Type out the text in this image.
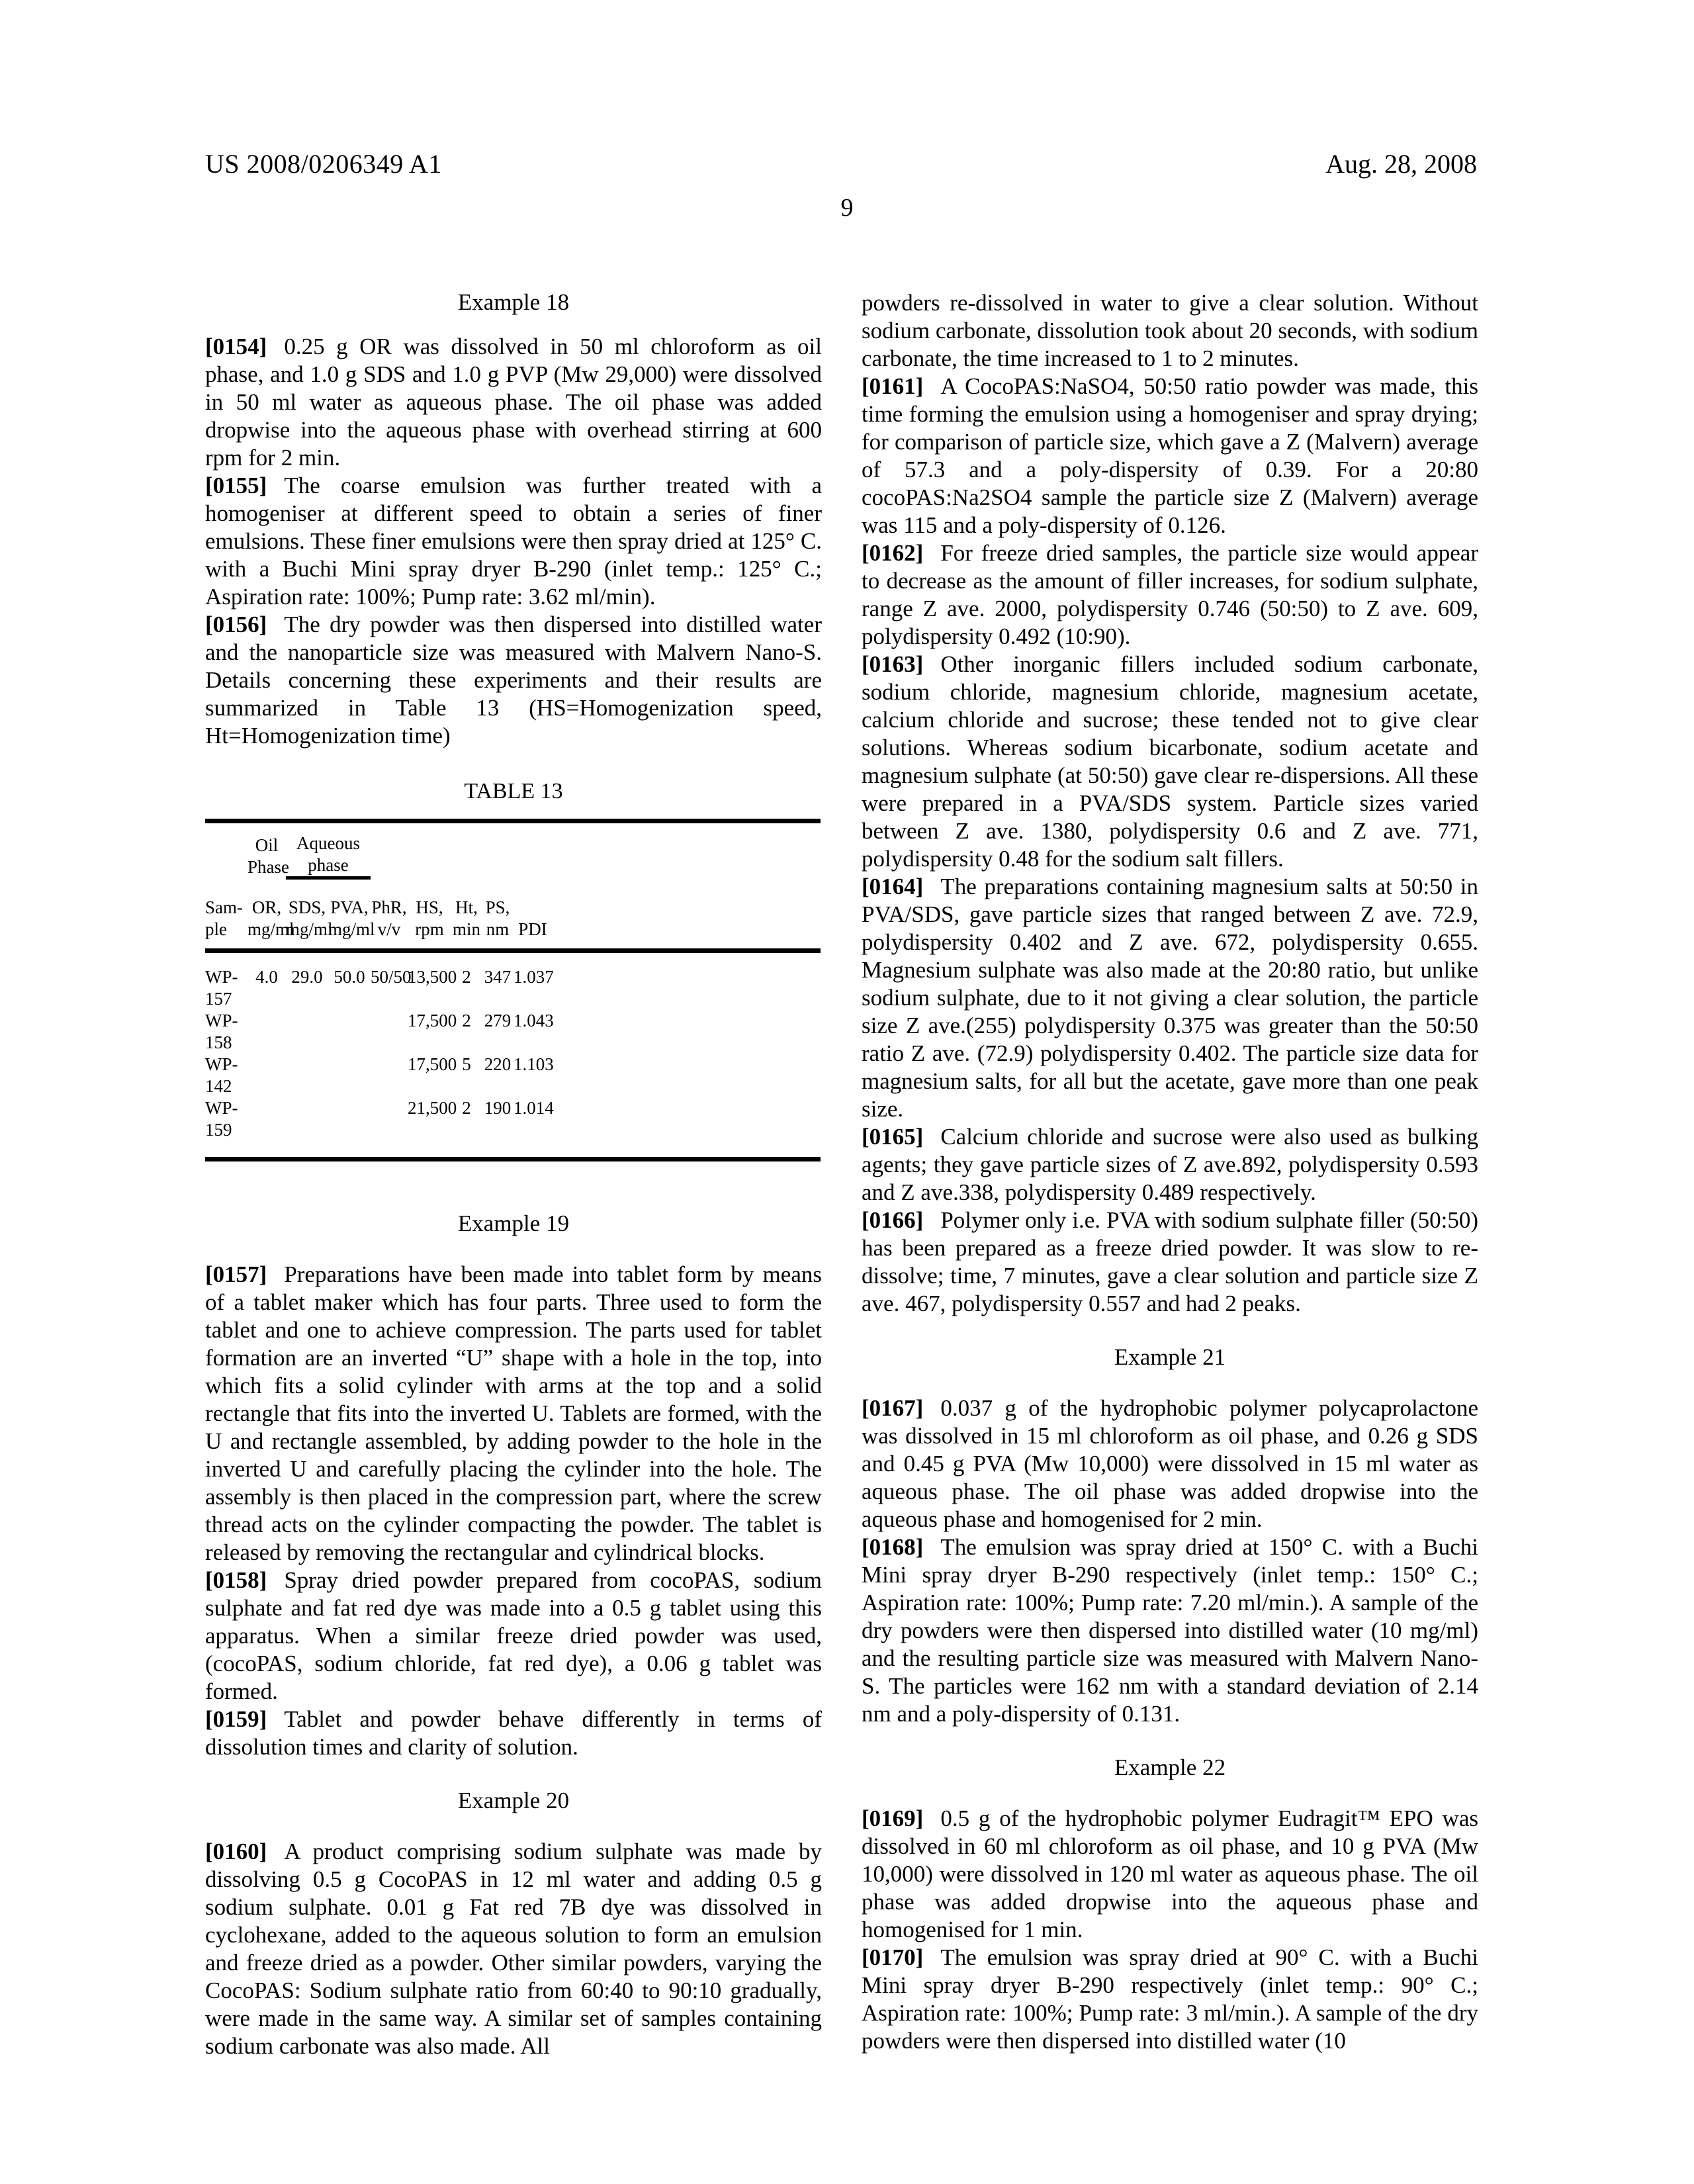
US 2008/0206349 A1	Aug. 28, 2008
9
Example 18

[0154] 0.25 g OR was dissolved in 50 ml chloroform as oil phase, and 1.0 g SDS and 1.0 g PVP (Mw 29,000) were dissolved in 50 ml water as aqueous phase. The oil phase was added dropwise into the aqueous phase with overhead stirring at 600 rpm for 2 min.

[0155] The coarse emulsion was further treated with a homogeniser at different speed to obtain a series of finer emulsions. These finer emulsions were then spray dried at 125° C. with a Buchi Mini spray dryer B-290 (inlet temp.: 125° C.; Aspiration rate: 100%; Pump rate: 3.62 ml/min).

[0156] The dry powder was then dispersed into distilled water and the nanoparticle size was measured with Malvern Nano-S. Details concerning these experiments and their results are summarized in Table 13 (HS=Homogenization speed, Ht=Homogenization time)

TABLE 13
	Oil Phase	Aqueous phase							
Sam-ple	OR, mg/ml	SDS, mg/ml	PVA, mg/ml	PhR, v/v	HS, rpm	Ht, min	PS, nm	PDI	
WP-157	4.0	29.0	50.0	50/50	13,500	2	347	1.037	
WP-158					17,500	2	279	1.043	
WP-142					17,500	5	220	1.103	
WP-159					21,500	2	190	1.014	
Example 19

[0157] Preparations have been made into tablet form by means of a tablet maker which has four parts. Three used to form the tablet and one to achieve compression. The parts used for tablet formation are an inverted “U” shape with a hole in the top, into which fits a solid cylinder with arms at the top and a solid rectangle that fits into the inverted U. Tablets are formed, with the U and rectangle assembled, by adding powder to the hole in the inverted U and carefully placing the cylinder into the hole. The assembly is then placed in the compression part, where the screw thread acts on the cylinder compacting the powder. The tablet is released by removing the rectangular and cylindrical blocks.

[0158] Spray dried powder prepared from cocoPAS, sodium sulphate and fat red dye was made into a 0.5 g tablet using this apparatus. When a similar freeze dried powder was used, (cocoPAS, sodium chloride, fat red dye), a 0.06 g tablet was formed.

[0159] Tablet and powder behave differently in terms of dissolution times and clarity of solution.

Example 20

[0160] A product comprising sodium sulphate was made by dissolving 0.5 g CocoPAS in 12 ml water and adding 0.5 g sodium sulphate. 0.01 g Fat red 7B dye was dissolved in cyclohexane, added to the aqueous solution to form an emulsion and freeze dried as a powder. Other similar powders, varying the CocoPAS: Sodium sulphate ratio from 60:40 to 90:10 gradually, were made in the same way. A similar set of samples containing sodium carbonate was also made. All

powders re-dissolved in water to give a clear solution. Without sodium carbonate, dissolution took about 20 seconds, with sodium carbonate, the time increased to 1 to 2 minutes.

[0161] A CocoPAS:NaSO4, 50:50 ratio powder was made, this time forming the emulsion using a homogeniser and spray drying; for comparison of particle size, which gave a Z (Malvern) average of 57.3 and a poly-dispersity of 0.39. For a 20:80 cocoPAS:Na2SO4 sample the particle size Z (Malvern) average was 115 and a poly-dispersity of 0.126.

[0162] For freeze dried samples, the particle size would appear to decrease as the amount of filler increases, for sodium sulphate, range Z ave. 2000, polydispersity 0.746 (50:50) to Z ave. 609, polydispersity 0.492 (10:90).

[0163] Other inorganic fillers included sodium carbonate, sodium chloride, magnesium chloride, magnesium acetate, calcium chloride and sucrose; these tended not to give clear solutions. Whereas sodium bicarbonate, sodium acetate and magnesium sulphate (at 50:50) gave clear re-dispersions. All these were prepared in a PVA/SDS system. Particle sizes varied between Z ave. 1380, polydispersity 0.6 and Z ave. 771, polydispersity 0.48 for the sodium salt fillers.

[0164] The preparations containing magnesium salts at 50:50 in PVA/SDS, gave particle sizes that ranged between Z ave. 72.9, polydispersity 0.402 and Z ave. 672, polydispersity 0.655. Magnesium sulphate was also made at the 20:80 ratio, but unlike sodium sulphate, due to it not giving a clear solution, the particle size Z ave.(255) polydispersity 0.375 was greater than the 50:50 ratio Z ave. (72.9) polydispersity 0.402. The particle size data for magnesium salts, for all but the acetate, gave more than one peak size.

[0165] Calcium chloride and sucrose were also used as bulking agents; they gave particle sizes of Z ave.892, polydispersity 0.593 and Z ave.338, polydispersity 0.489 respectively.

[0166] Polymer only i.e. PVA with sodium sulphate filler (50:50) has been prepared as a freeze dried powder. It was slow to re-dissolve; time, 7 minutes, gave a clear solution and particle size Z ave. 467, polydispersity 0.557 and had 2 peaks.

Example 21

[0167] 0.037 g of the hydrophobic polymer polycaprolactone was dissolved in 15 ml chloroform as oil phase, and 0.26 g SDS and 0.45 g PVA (Mw 10,000) were dissolved in 15 ml water as aqueous phase. The oil phase was added dropwise into the aqueous phase and homogenised for 2 min.

[0168] The emulsion was spray dried at 150° C. with a Buchi Mini spray dryer B-290 respectively (inlet temp.: 150° C.; Aspiration rate: 100%; Pump rate: 7.20 ml/min.). A sample of the dry powders were then dispersed into distilled water (10 mg/ml) and the resulting particle size was measured with Malvern Nano-S. The particles were 162 nm with a standard deviation of 2.14 nm and a poly-dispersity of 0.131.

Example 22

[0169] 0.5 g of the hydrophobic polymer Eudragit™ EPO was dissolved in 60 ml chloroform as oil phase, and 10 g PVA (Mw 10,000) were dissolved in 120 ml water as aqueous phase. The oil phase was added dropwise into the aqueous phase and homogenised for 1 min.

[0170] The emulsion was spray dried at 90° C. with a Buchi Mini spray dryer B-290 respectively (inlet temp.: 90° C.; Aspiration rate: 100%; Pump rate: 3 ml/min.). A sample of the dry powders were then dispersed into distilled water (10
